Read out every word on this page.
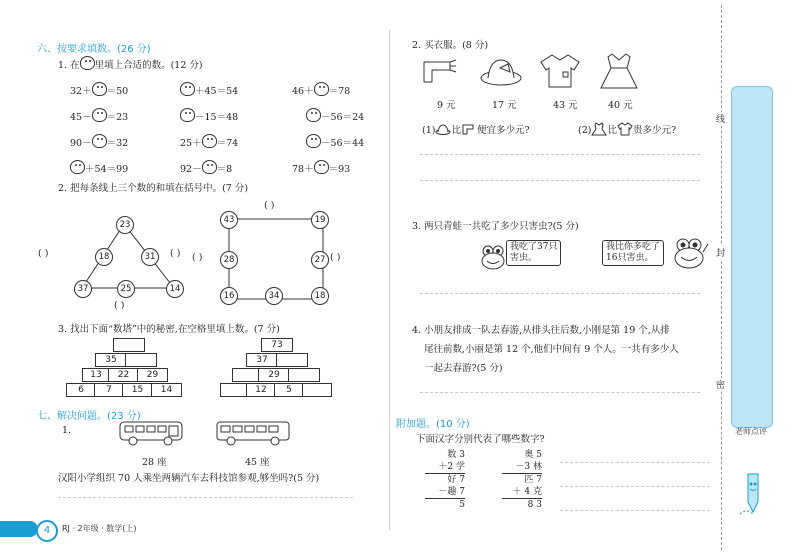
六、按要求填数。(26 分)
1. 在 里填上合适的数。(12 分)
32＋ ＝50	＋45＝54	46＋ ＝78
45－ ＝23	－15＝48	－56＝24
90－ ＝32	25＋ ＝74	－56＝44
＋54＝99	92－ ＝8	78＋ ＝93
2. 把每条线上三个数的和填在括号中。(7 分)
23
18	31
37	25	14
( )	( )
( )
43	19
28	27
16	34	18
( )
( )	( )
3. 找出下面“数塔”中的秘密,在空格里填上数。(7 分)
35
13	22	29
6	7	15	14
73
37
29
12	5
七、解决问题。(23 分)
1.
28 座	45 座
汉阳小学组织 70 人乘坐两辆汽车去科技馆参观,够坐吗?(5 分)
4	RJ · 2年级 · 数学(上)
2. 买衣服。(8 分)
9 元	17 元	43 元	40 元
(1) 比 便宜多少元?	(2) 比 贵多少元?
3. 两只青蛙一共吃了多少只害虫?(5 分)
我吃了37只
害虫。
我比你多吃了
16只害虫。
4. 小朋友排成一队去春游,从排头往后数,小刚是第 19 个,从排
尾往前数,小丽是第 12 个,他们中间有 9 个人。一共有多少人
一起去春游?(5 分)
附加题。(10 分)
下面汉字分别代表了哪些数字?
数 3
＋2 学
好 7
－趣 7
5
奥 5
－3 林
匹 7
＋ 4 克
8 3
线
封
密
老师点评
